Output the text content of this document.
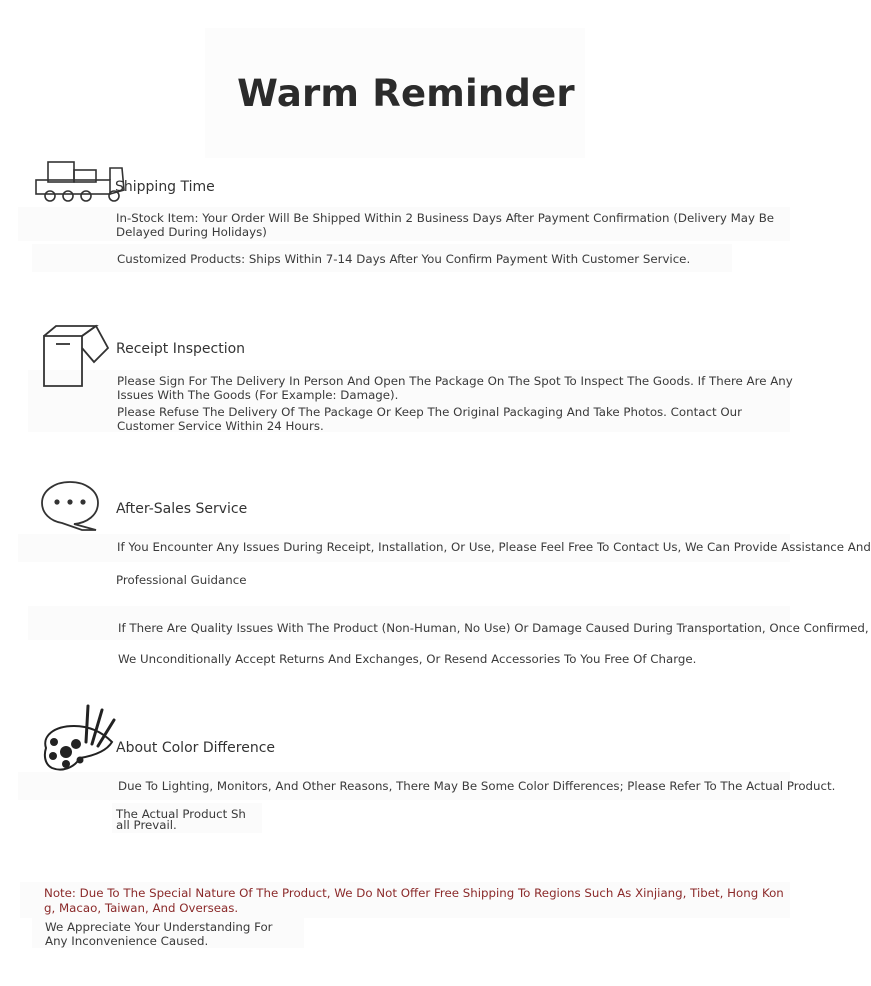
Warm Reminder
Shipping Time
In-Stock Item: Your Order Will Be Shipped Within 2 Business Days After Payment Confirmation (Delivery May Be
Delayed During Holidays)
Customized Products: Ships Within 7-14 Days After You Confirm Payment With Customer Service.
Receipt Inspection
Please Sign For The Delivery In Person And Open The Package On The Spot To Inspect The Goods. If There Are Any
Issues With The Goods (For Example: Damage).
Please Refuse The Delivery Of The Package Or Keep The Original Packaging And Take Photos. Contact Our
Customer Service Within 24 Hours.
After-Sales Service
If You Encounter Any Issues During Receipt, Installation, Or Use, Please Feel Free To Contact Us, We Can Provide Assistance And
Professional Guidance
If There Are Quality Issues With The Product (Non-Human, No Use) Or Damage Caused During Transportation, Once Confirmed,
We Unconditionally Accept Returns And Exchanges, Or Resend Accessories To You Free Of Charge.
About Color Difference
Due To Lighting, Monitors, And Other Reasons, There May Be Some Color Differences; Please Refer To The Actual Product.
The Actual Product Sh
all Prevail.
Note: Due To The Special Nature Of The Product, We Do Not Offer Free Shipping To Regions Such As Xinjiang, Tibet, Hong Kon
g, Macao, Taiwan, And Overseas.
We Appreciate Your Understanding For
Any Inconvenience Caused.
